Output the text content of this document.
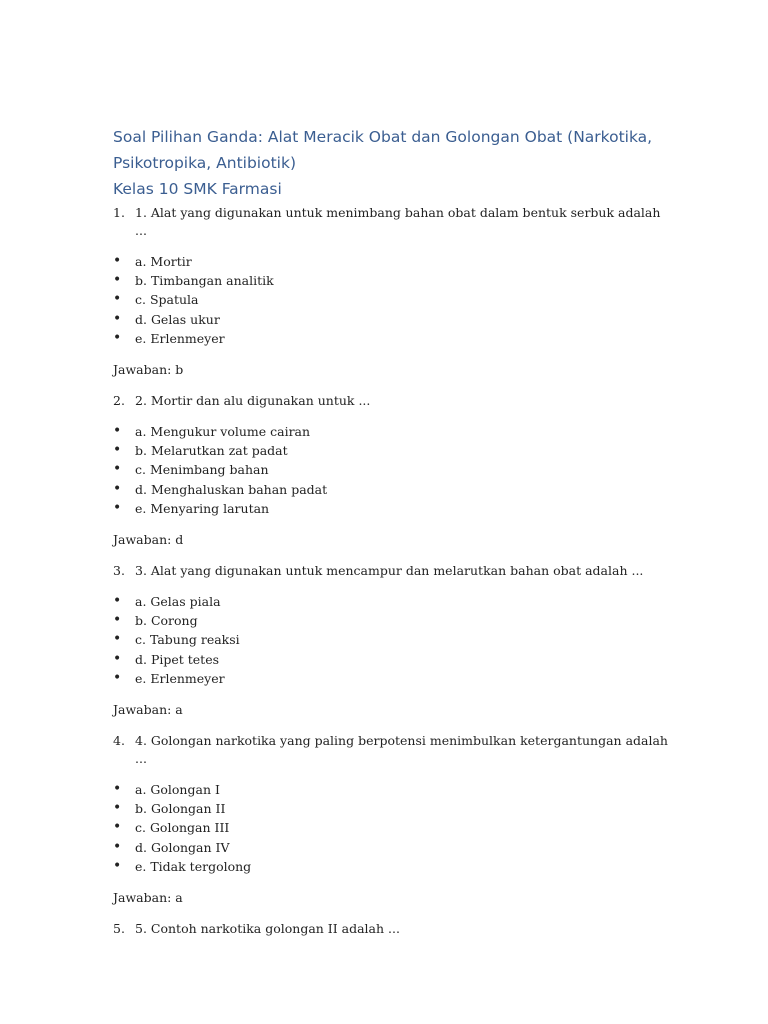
Soal Pilihan Ganda: Alat Meracik Obat dan Golongan Obat (Narkotika,
Psikotropika, Antibiotik)
Kelas 10 SMK Farmasi
1. 1. Alat yang digunakan untuk menimbang bahan obat dalam bentuk serbuk adalah ...
•	a. Mortir
•	b. Timbangan analitik
•	c. Spatula
•	d. Gelas ukur
•	e. Erlenmeyer

Jawaban: b

2. 2. Mortir dan alu digunakan untuk ...
•	a. Mengukur volume cairan
•	b. Melarutkan zat padat
•	c. Menimbang bahan
•	d. Menghaluskan bahan padat
•	e. Menyaring larutan

Jawaban: d

3. 3. Alat yang digunakan untuk mencampur dan melarutkan bahan obat adalah ...
•	a. Gelas piala
•	b. Corong
•	c. Tabung reaksi
•	d. Pipet tetes
•	e. Erlenmeyer

Jawaban: a

4. 4. Golongan narkotika yang paling berpotensi menimbulkan ketergantungan adalah ...
•	a. Golongan I
•	b. Golongan II
•	c. Golongan III
•	d. Golongan IV
•	e. Tidak tergolong

Jawaban: a

5. 5. Contoh narkotika golongan II adalah ...
